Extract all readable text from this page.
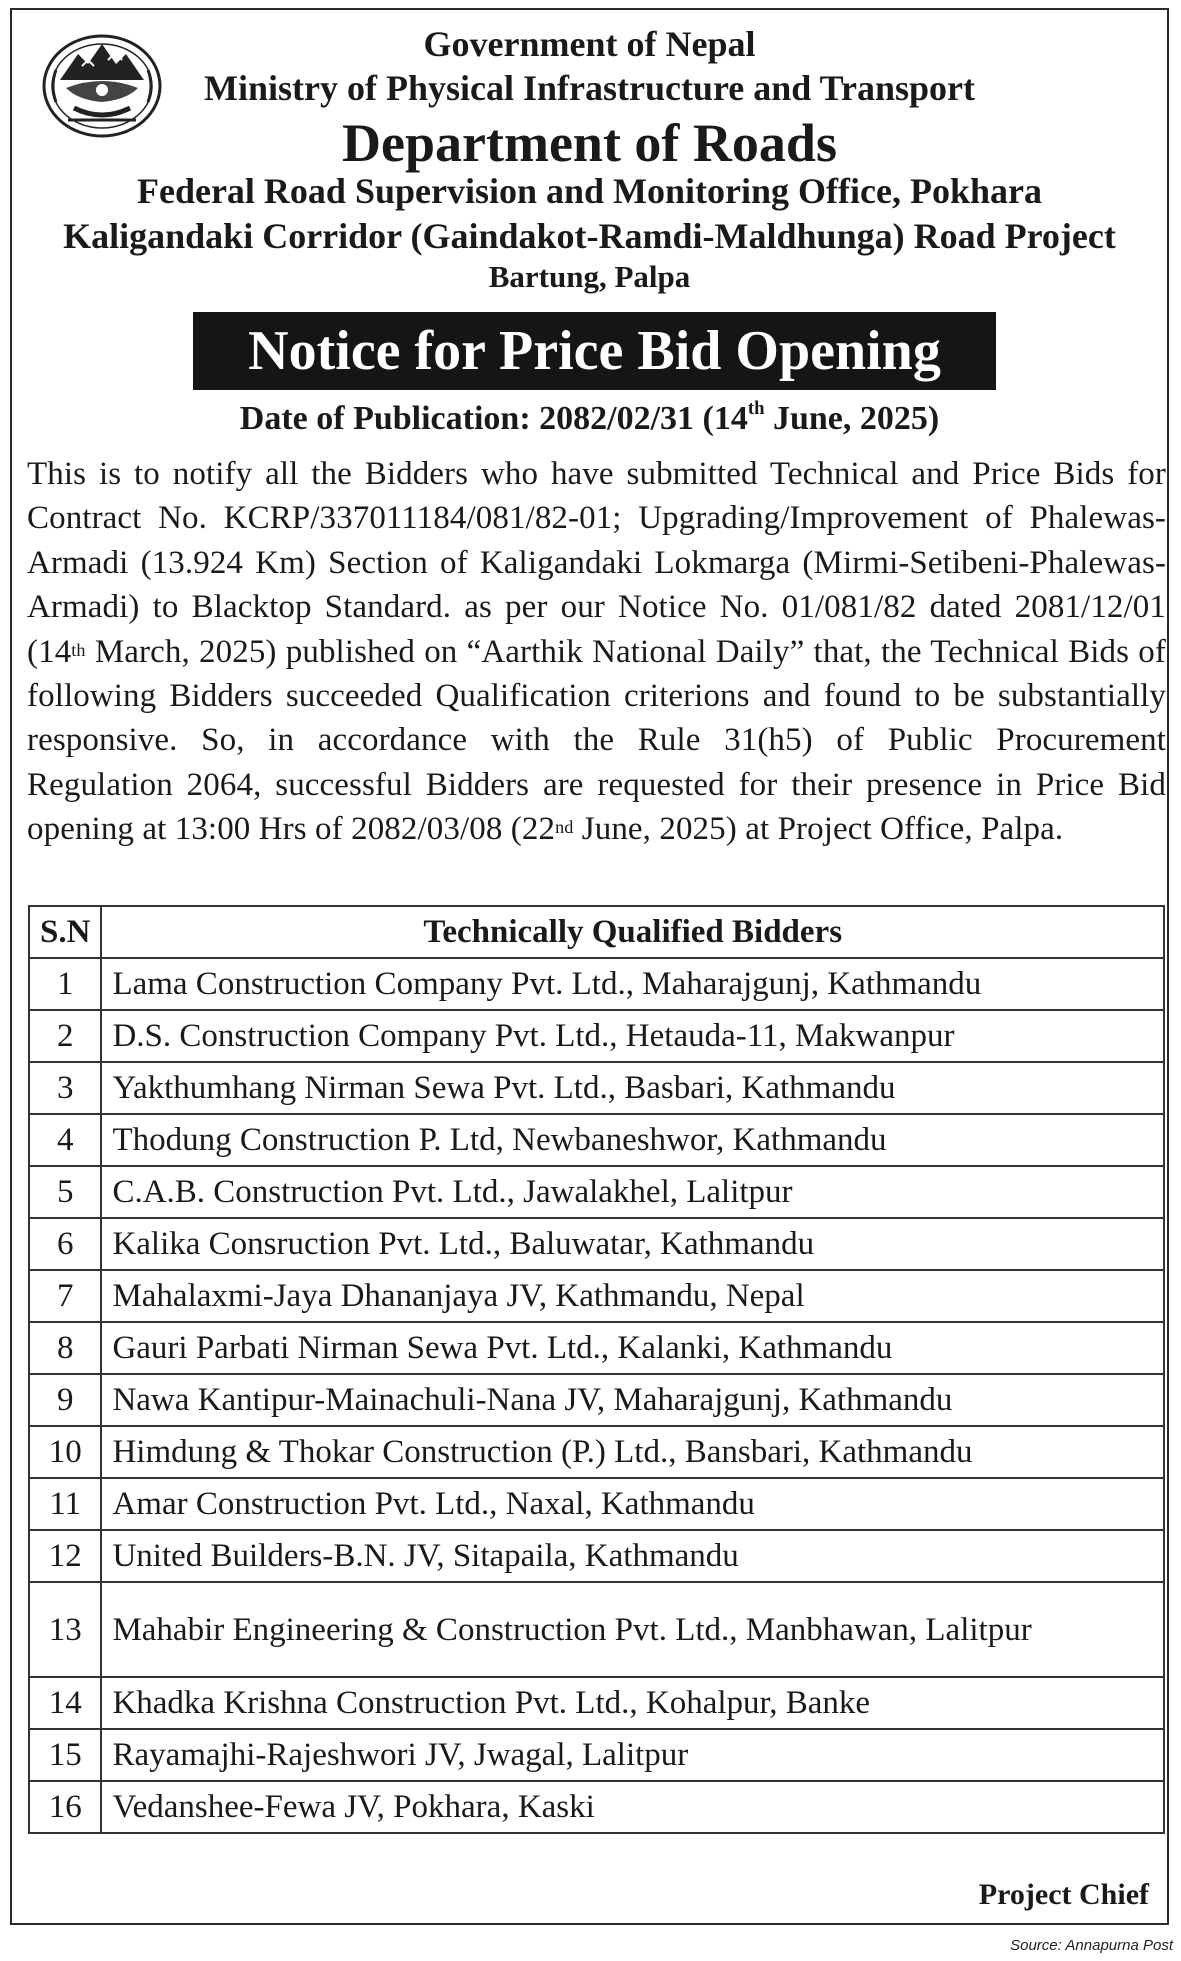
Government of Nepal
Ministry of Physical Infrastructure and Transport
Department of Roads
Federal Road Supervision and Monitoring Office, Pokhara
Kaligandaki Corridor (Gaindakot-Ramdi-Maldhunga) Road Project
Bartung, Palpa
Notice for Price Bid Opening
Date of Publication: 2082/02/31 (14th June, 2025)
This is to notify all the Bidders who have submitted Technical and Price Bids for Contract No. KCRP/337011184/081/82-01; Upgrading/Improvement of Phalewas-Armadi (13.924 Km) Section of Kaligandaki Lokmarga (Mirmi-Setibeni-Phalewas-Armadi) to Blacktop Standard. as per our Notice No. 01/081/82 dated 2081/12/01 (14th March, 2025) published on “Aarthik National Daily” that, the Technical Bids of following Bidders succeeded Qualification criterions and found to be substantially responsive. So, in accordance with the Rule 31(h5) of Public Procurement Regulation 2064, successful Bidders are requested for their presence in Price Bid opening at 13:00 Hrs of 2082/03/08 (22nd June, 2025) at Project Office, Palpa.
S.N	Technically Qualified Bidders
1	Lama Construction Company Pvt. Ltd., Maharajgunj, Kathmandu
2	D.S. Construction Company Pvt. Ltd., Hetauda-11, Makwanpur
3	Yakthumhang Nirman Sewa Pvt. Ltd., Basbari, Kathmandu
4	Thodung Construction P. Ltd, Newbaneshwor, Kathmandu
5	C.A.B. Construction Pvt. Ltd., Jawalakhel, Lalitpur
6	Kalika Consruction Pvt. Ltd., Baluwatar, Kathmandu
7	Mahalaxmi-Jaya Dhananjaya JV, Kathmandu, Nepal
8	Gauri Parbati Nirman Sewa Pvt. Ltd., Kalanki, Kathmandu
9	Nawa Kantipur-Mainachuli-Nana JV, Maharajgunj, Kathmandu
10	Himdung & Thokar Construction (P.) Ltd., Bansbari, Kathmandu
11	Amar Construction Pvt. Ltd., Naxal, Kathmandu
12	United Builders-B.N. JV, Sitapaila, Kathmandu
13	Mahabir Engineering & Construction Pvt. Ltd., Manbhawan, Lalitpur
14	Khadka Krishna Construction Pvt. Ltd., Kohalpur, Banke
15	Rayamajhi-Rajeshwori JV, Jwagal, Lalitpur
16	Vedanshee-Fewa JV, Pokhara, Kaski
Project Chief
Source: Annapurna Post
